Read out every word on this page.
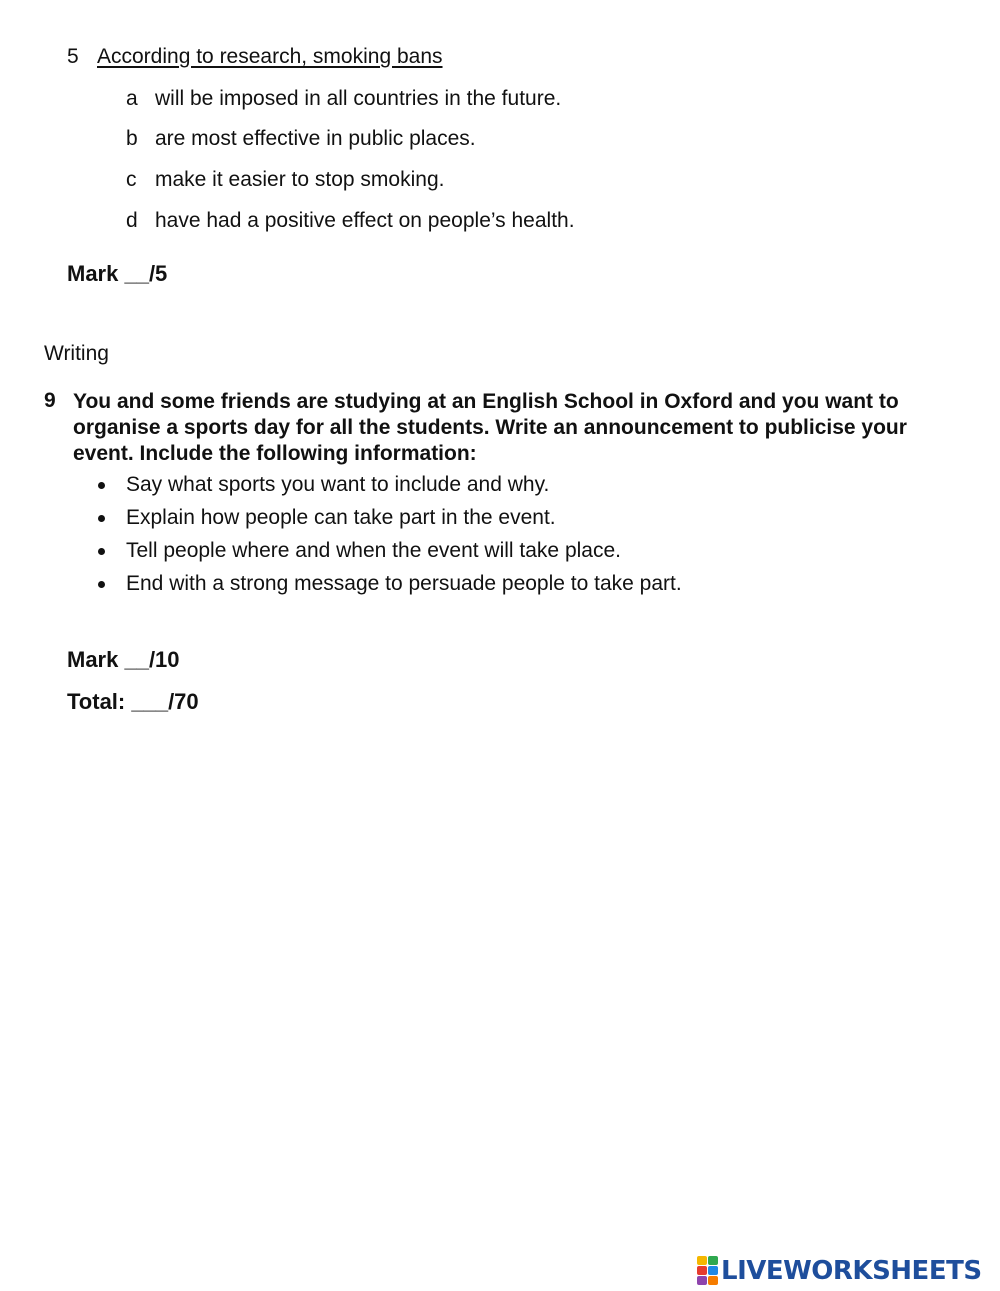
5 According to research, smoking bans
a will be imposed in all countries in the future.
b are most effective in public places.
c make it easier to stop smoking.
d have had a positive effect on people’s health.
Mark __/5
Writing
9 You and some friends are studying at an English School in Oxford and you want to organise a sports day for all the students. Write an announcement to publicise your event. Include the following information:
Say what sports you want to include and why.
Explain how people can take part in the event.
Tell people where and when the event will take place.
End with a strong message to persuade people to take part.
Mark __/10
Total: ___/70
LIVEWORKSHEETS
